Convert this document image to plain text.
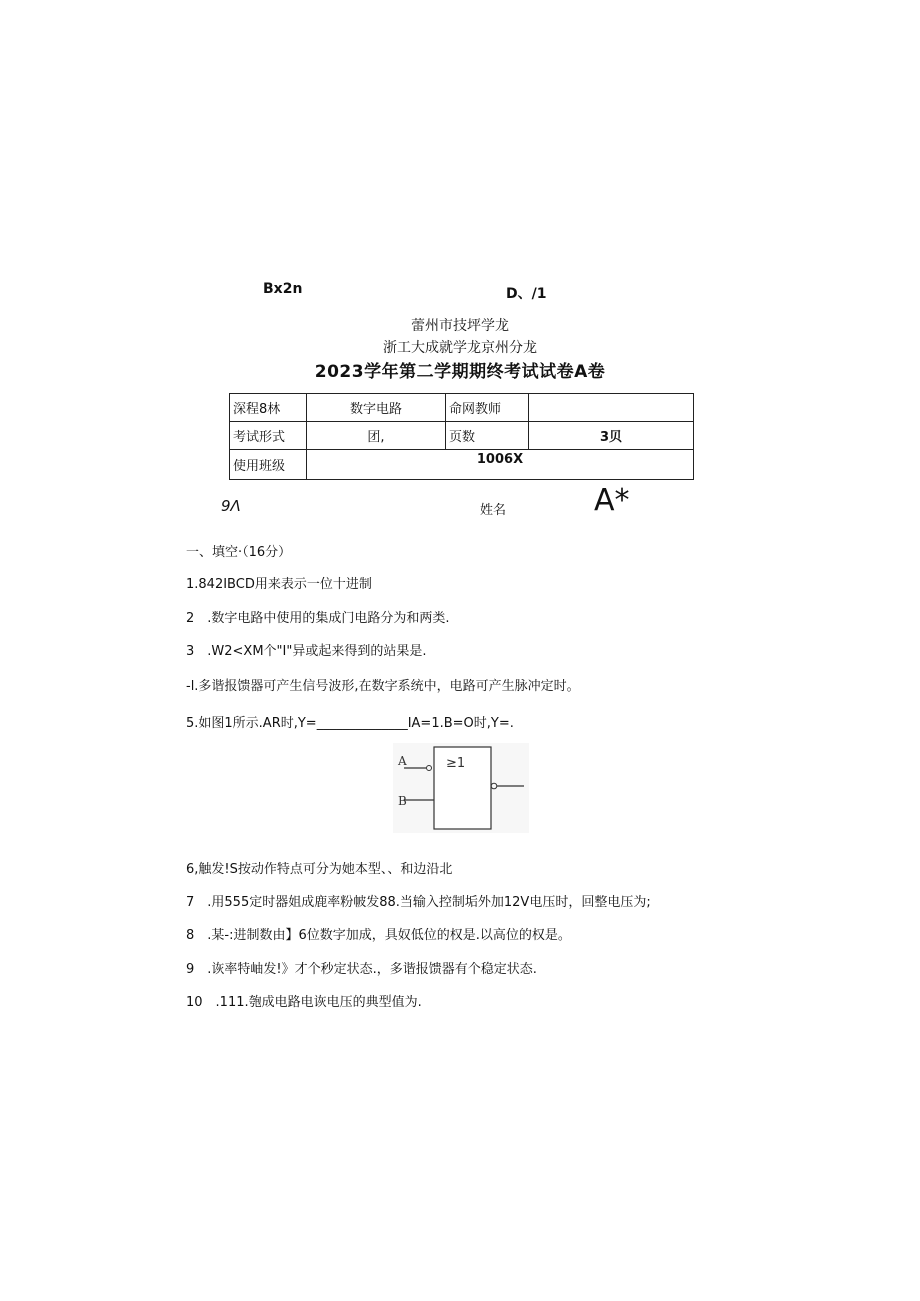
Bx2n	D、/1
蕾州市技坪学龙
浙工大成就学龙京州分龙
2023学年第二学期期终考试试卷A卷
深程8林	数字电路	命网教师	
考试形式	团,	页数	3贝
使用班级	1006X		
9Λ	姓名	A*
一、填空·（16分）
1.842IBCD用来表示一位十进制
2　.数字电路中使用的集成门电路分为和两类.
3　.W2<XM个"I"异或起来得到的站果是.
-l.多谐报馈器可产生信号波形,在数字系统中，电路可产生脉冲定时。
5.如图1所示.AR时,Y=______________IA=1.B=O时,Y=.
A
B
≥1
6,触发!S按动作特点可分为她本型、、和边沿北
7　.用555定时器姐成鹿率粉帔发88.当输入控制垢外加12V电压时，回整电压为;
8　.某-:进制数由】6位数字加成，具奴低位的权是.以高位的权是。
9　.诙率特岫发!》才个秒定状态.，多谐报馈器有个稳定状态.
10　.111.匏成电路电诙电压的典型值为.
